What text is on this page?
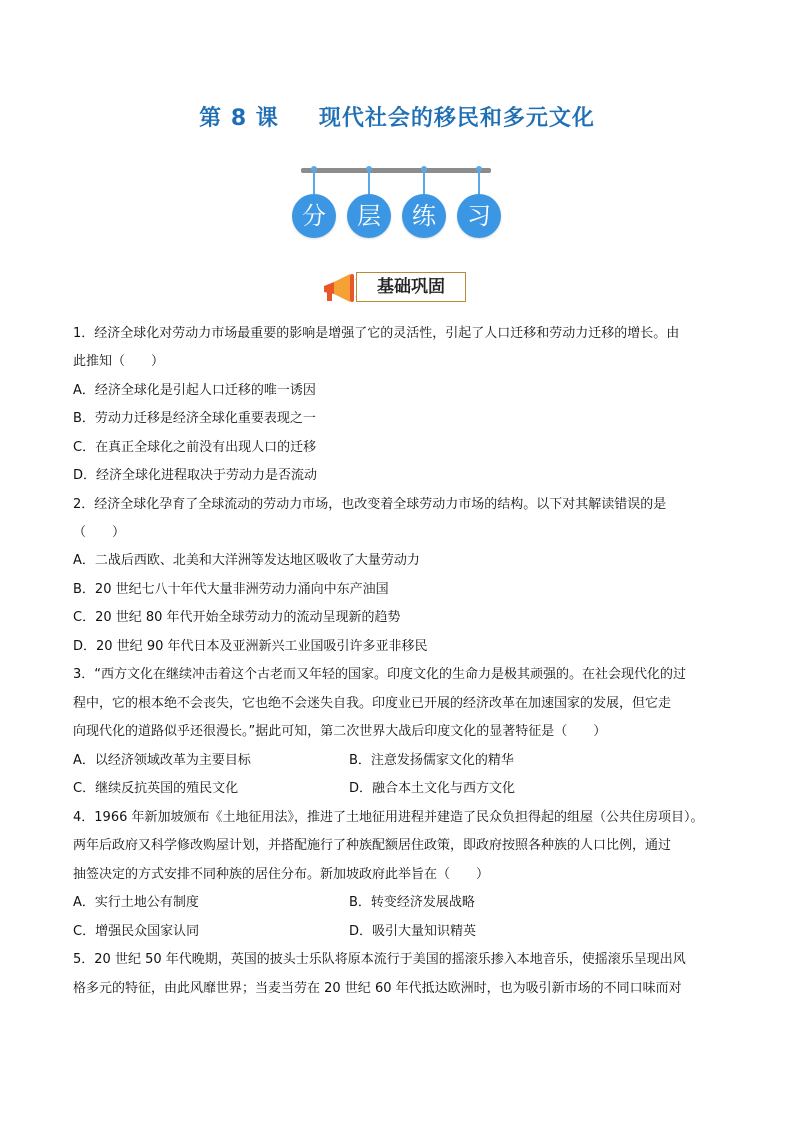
第 8 课 现代社会的移民和多元文化
分	层	练	习
基础巩固
1．经济全球化对劳动力市场最重要的影响是增强了它的灵活性，引起了人口迁移和劳动力迁移的增长。由
此推知（　　）
A．经济全球化是引起人口迁移的唯一诱因
B．劳动力迁移是经济全球化重要表现之一
C．在真正全球化之前没有出现人口的迁移
D．经济全球化进程取决于劳动力是否流动
2．经济全球化孕育了全球流动的劳动力市场，也改变着全球劳动力市场的结构。以下对其解读错误的是
（　　）
A．二战后西欧、北美和大洋洲等发达地区吸收了大量劳动力
B．20 世纪七八十年代大量非洲劳动力涌向中东产油国
C．20 世纪 80 年代开始全球劳动力的流动呈现新的趋势
D．20 世纪 90 年代日本及亚洲新兴工业国吸引许多亚非移民
3．“西方文化在继续冲击着这个古老而又年轻的国家。印度文化的生命力是极其顽强的。在社会现代化的过
程中，它的根本绝不会丧失，它也绝不会迷失自我。印度业已开展的经济改革在加速国家的发展，但它走
向现代化的道路似乎还很漫长。”据此可知，第二次世界大战后印度文化的显著特征是（　　）
A．以经济领域改革为主要目标	B．注意发扬儒家文化的精华
C．继续反抗英国的殖民文化	D．融合本土文化与西方文化
4．1966 年新加坡颁布《土地征用法》，推进了土地征用进程并建造了民众负担得起的组屋（公共住房项目）。
两年后政府又科学修改购屋计划，并搭配施行了种族配额居住政策，即政府按照各种族的人口比例，通过
抽签决定的方式安排不同种族的居住分布。新加坡政府此举旨在（　　）
A．实行土地公有制度	B．转变经济发展战略
C．增强民众国家认同	D．吸引大量知识精英
5．20 世纪 50 年代晚期，英国的披头士乐队将原本流行于美国的摇滚乐掺入本地音乐，使摇滚乐呈现出风
格多元的特征，由此风靡世界；当麦当劳在 20 世纪 60 年代抵达欧洲时，也为吸引新市场的不同口味而对
